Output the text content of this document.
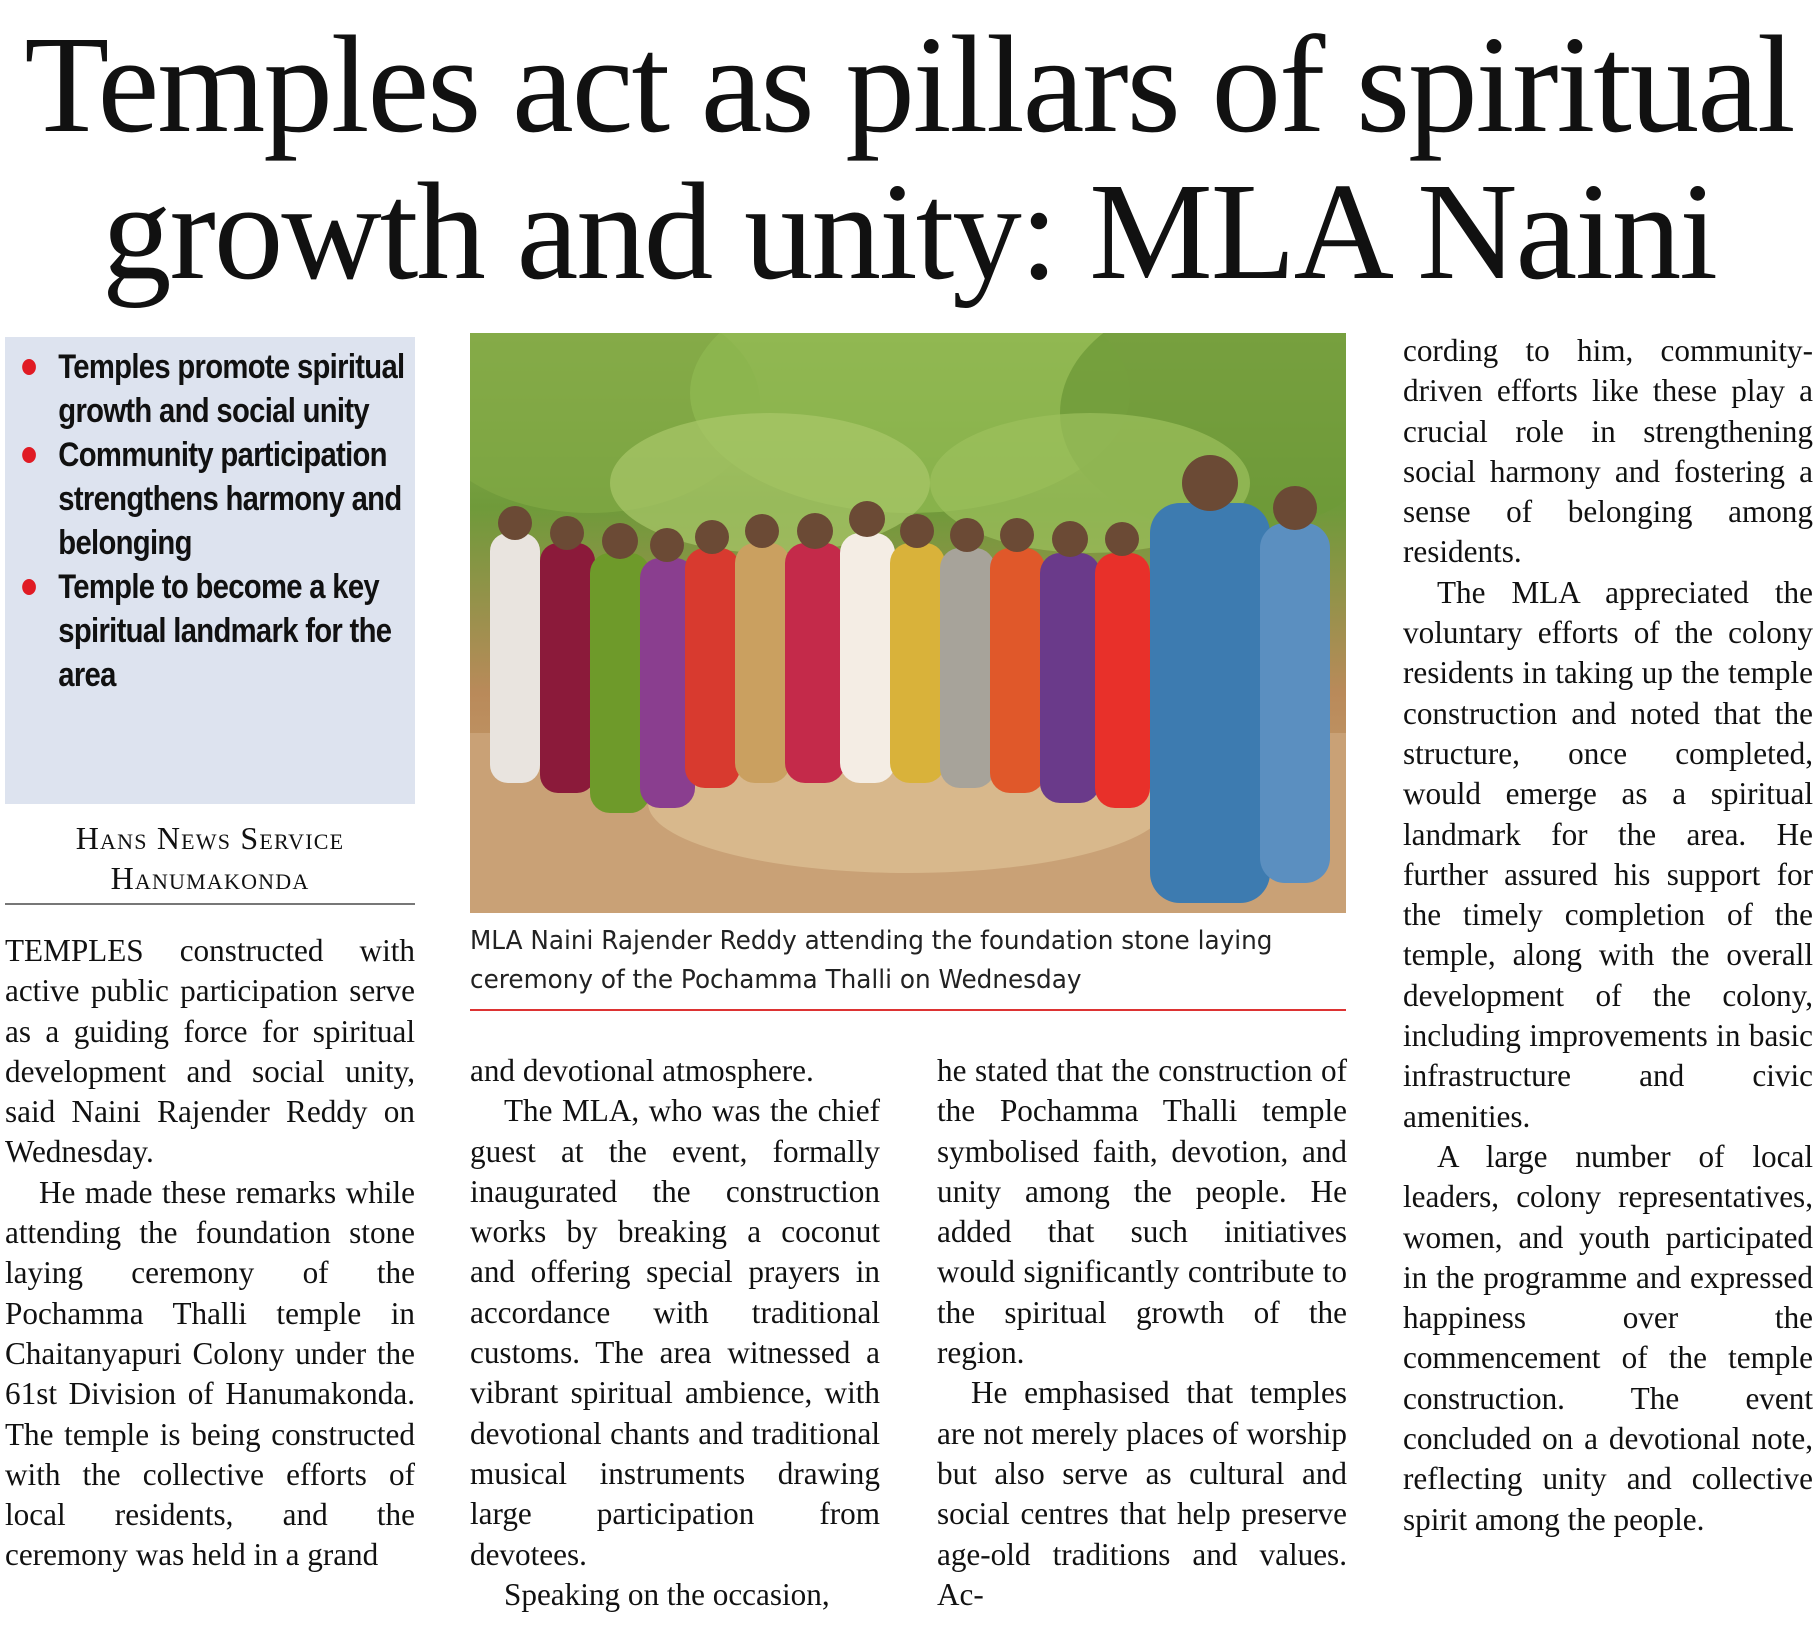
Temples act as pillars of spiritual
growth and unity: MLA Naini
Temples promote spiritual growth and social unity
Community participation strengthens harmony and belonging
Temple to become a key spiritual landmark for the area
Hans News Service
Hanumakonda
MLA Naini Rajender Reddy attending the foundation stone laying ceremony of the Pochamma Thalli on Wednesday

TEMPLES constructed with active public participation serve as a guiding force for spiritual development and social unity, said Naini Rajender Reddy on Wednesday.

He made these remarks while attending the foundation stone laying ceremony of the Pochamma Thalli temple in Chaitanyapuri Colony under the 61st Division of Hanumakonda. The temple is being constructed with the collective efforts of local residents, and the ceremony was held in a grand

and devotional atmosphere.

The MLA, who was the chief guest at the event, formally inaugurated the construction works by breaking a coconut and offering special prayers in accordance with traditional customs. The area witnessed a vibrant spiritual ambience, with devotional chants and traditional musical instruments drawing large participation from devotees.

Speaking on the occasion,

he stated that the construction of the Pochamma Thalli temple symbolised faith, devotion, and unity among the people. He added that such initiatives would significantly contribute to the spiritual growth of the region.

He emphasised that temples are not merely places of worship but also serve as cultural and social centres that help preserve age-old traditions and values. Ac-

cording to him, community-driven efforts like these play a crucial role in strengthening social harmony and fostering a sense of belonging among residents.

The MLA appreciated the voluntary efforts of the colony residents in taking up the temple construction and noted that the structure, once completed, would emerge as a spiritual landmark for the area. He further assured his support for the timely completion of the temple, along with the overall development of the colony, including improvements in basic infrastructure and civic amenities.

A large number of local leaders, colony representatives, women, and youth participated in the programme and expressed happiness over the commencement of the temple construction. The event concluded on a devotional note, reflecting unity and collective spirit among the people.
